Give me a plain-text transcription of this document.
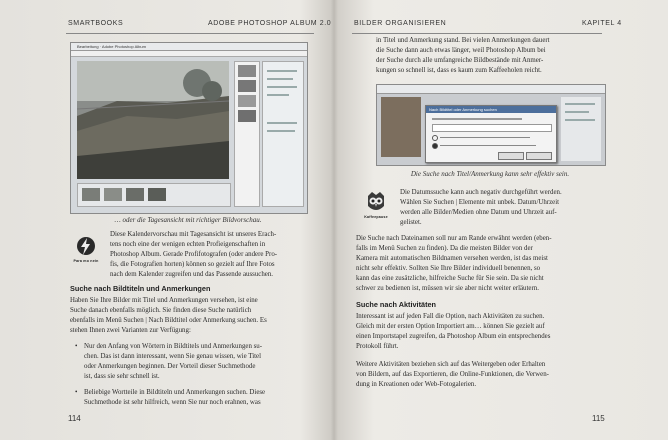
SMARTBOOKS	ADOBE PHOTOSHOP ALBUM 2.0
Bearbeitung · Adobe Photoshop Album
… oder die Tagesansicht mit richtiger Bildvorschau.
Para mo nein

Diese Kalendervorschau mit Tagesansicht ist unseres Erach-

tens noch eine der wenigen echten Profieigenschaften in

Photoshop Album. Gerade Profifotografen (oder andere Pro-

fis, die Fotografien horten) können so gezielt auf Ihre Fotos

nach dem Kalender zugreifen und das Passende aussuchen.

Suche nach Bildtiteln und Anmerkungen

Haben Sie Ihre Bilder mit Titel und Anmerkungen versehen, ist eine

Suche danach ebenfalls möglich. Sie finden diese Suche natürlich

ebenfalls im Menü Suchen | Nach Bildtitel oder Anmerkung suchen. Es

stehen Ihnen zwei Varianten zur Verfügung:

• Nur den Anfang von Wörtern in Bildtitels und Anmerkungen su-

chen. Das ist dann interessant, wenn Sie genau wissen, wie Titel

oder Anmerkungen beginnen. Der Vorteil dieser Suchmethode

ist, dass sie sehr schnell ist.

• Beliebige Wortteile in Bildtiteln und Anmerkungen suchen. Diese

Suchmethode ist sehr hilfreich, wenn Sie nur noch erahnen, was

114
BILDER ORGANISIEREN	KAPITEL 4

in Titel und Anmerkung stand. Bei vielen Anmerkungen dauert

die Suche dann auch etwas länger, weil Photoshop Album bei

der Suche durch alle umfangreiche Bildbestände mit Anmer-

kungen so schnell ist, dass es kaum zum Kaffeeholen reicht.

Nach Bildtitel oder Anmerkung suchen
Die Suche nach Titel/Anmerkung kann sehr effektiv sein.
Kaffeepause

Die Datumssuche kann auch negativ durchgeführt werden.

Wählen Sie Suchen | Elemente mit unbek. Datum/Uhrzeit

werden alle Bilder/Medien ohne Datum und Uhrzeit auf-

gelistet.

Die Suche nach Dateinamen soll nur am Rande erwähnt werden (eben-

falls im Menü Suchen zu finden). Da die meisten Bilder von der

Kamera mit automatischen Bildnamen versehen werden, ist das meist

nicht sehr effektiv. Sollten Sie Ihre Bilder individuell benennen, so

kann das eine zusätzliche, hilfreiche Suche für Sie sein. Da sie nicht

schwer zu bedienen ist, müssen wir sie aber nicht weiter erläutern.

Suche nach Aktivitäten

Interessant ist auf jeden Fall die Option, nach Aktivitäten zu suchen.

Gleich mit der ersten Option Importiert am… können Sie gezielt auf

einen Importstapel zugreifen, da Photoshop Album ein entsprechendes

Protokoll führt.

Weitere Aktivitäten beziehen sich auf das Weitergeben oder Erhalten

von Bildern, auf das Exportieren, die Online-Funktionen, die Verwen-

dung in Kreationen oder Web-Fotogalerien.

115
